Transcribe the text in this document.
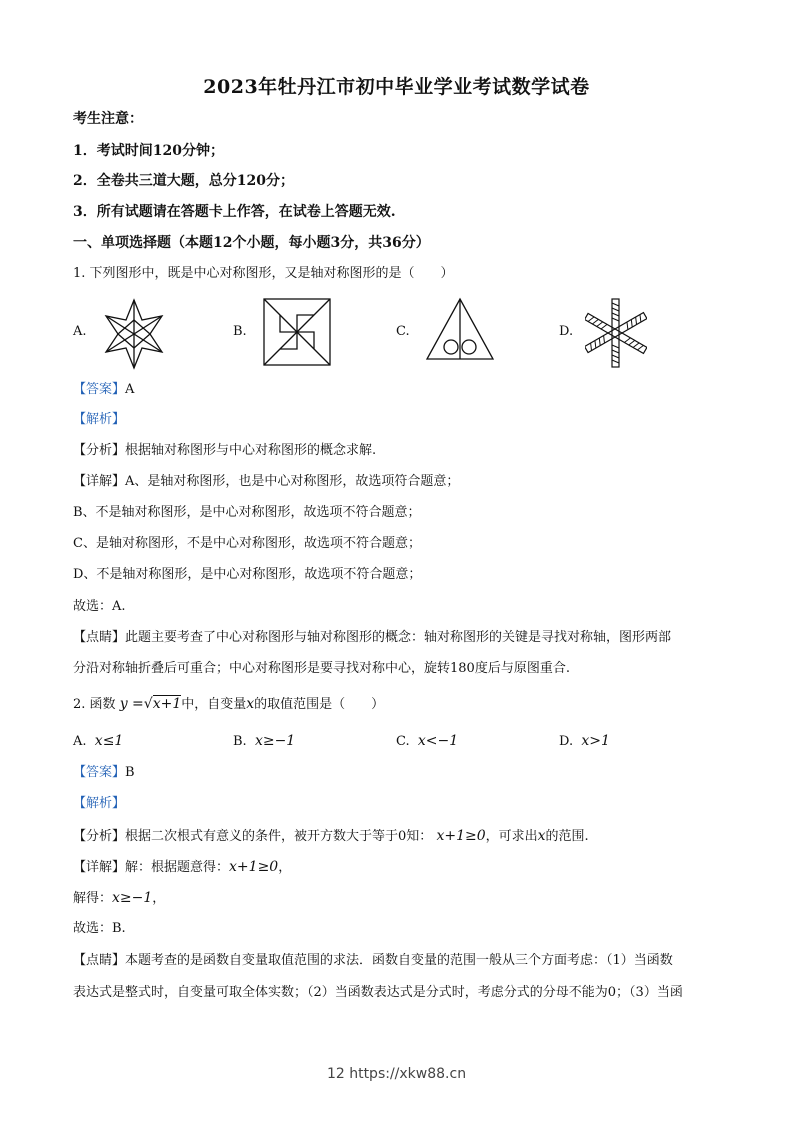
2023年牡丹江市初中毕业学业考试数学试卷
考生注意：
1．考试时间120分钟；
2．全卷共三道大题，总分120分；
3．所有试题请在答题卡上作答，在试卷上答题无效.
一、单项选择题（本题12个小题，每小题3分，共36分）
1. 下列图形中，既是中心对称图形，又是轴对称图形的是（　　）
A.	B.	C.	D.
【答案】A
【解析】
【分析】根据轴对称图形与中心对称图形的概念求解.
【详解】A、是轴对称图形，也是中心对称图形，故选项符合题意；
B、不是轴对称图形，是中心对称图形，故选项不符合题意；
C、是轴对称图形，不是中心对称图形，故选项不符合题意；
D、不是轴对称图形，是中心对称图形，故选项不符合题意；
故选：A.
【点睛】此题主要考查了中心对称图形与轴对称图形的概念：轴对称图形的关键是寻找对称轴，图形两部
分沿对称轴折叠后可重合；中心对称图形是要寻找对称中心，旋转180度后与原图重合.
2. 函数 y =√x+1中，自变量x的取值范围是（　　）
A. x≤1	B. x≥−1	C. x<−1	D. x>1
【答案】B
【解析】
【分析】根据二次根式有意义的条件，被开方数大于等于0知： x+1≥0，可求出x的范围.
【详解】解：根据题意得：x+1≥0，
解得：x≥−1，
故选：B.
【点睛】本题考查的是函数自变量取值范围的求法．函数自变量的范围一般从三个方面考虑：（1）当函数
表达式是整式时，自变量可取全体实数；（2）当函数表达式是分式时，考虑分式的分母不能为0；（3）当函
12 https://xkw88.cn
